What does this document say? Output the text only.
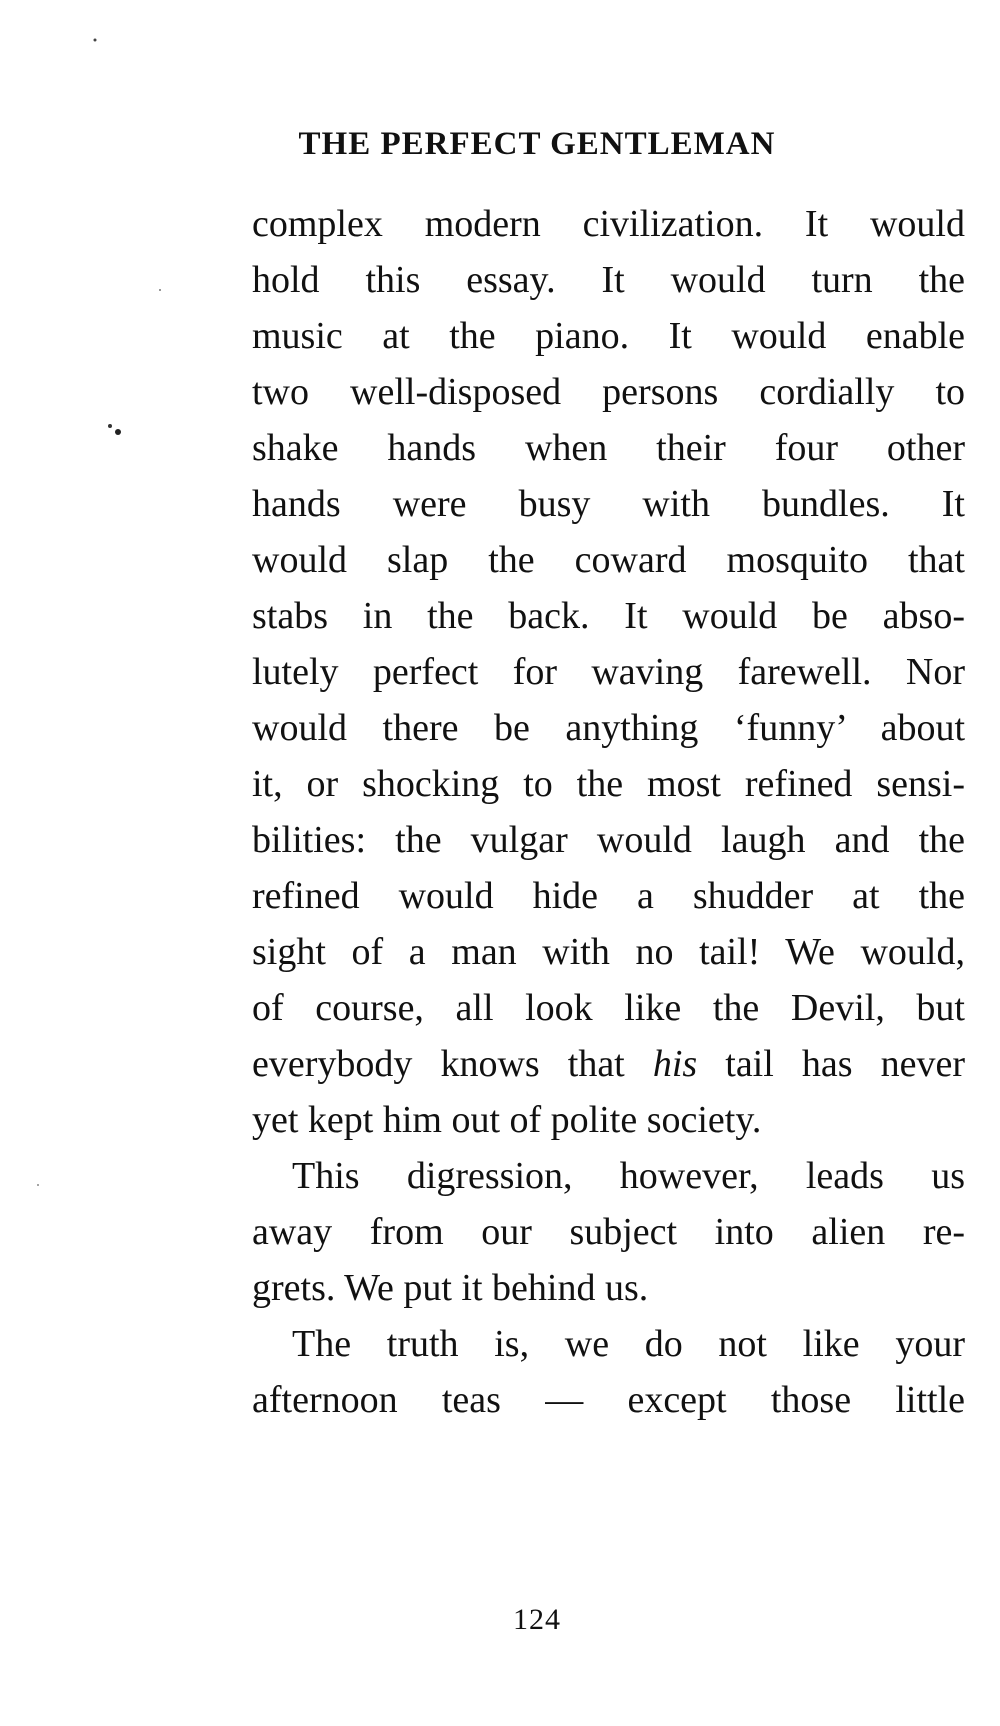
THE PERFECT GENTLEMAN
complex modern civilization. It would
hold this essay. It would turn the
music at the piano. It would enable
two well-disposed persons cordially to
shake hands when their four other
hands were busy with bundles. It
would slap the coward mosquito that
stabs in the back. It would be abso-
lutely perfect for waving farewell. Nor
would there be anything ‘funny’ about
it, or shocking to the most refined sensi-
bilities: the vulgar would laugh and the
refined would hide a shudder at the
sight of a man with no tail! We would,
of course, all look like the Devil, but
everybody knows that his tail has never
yet kept him out of polite society.
This digression, however, leads us
away from our subject into alien re-
grets. We put it behind us.
The truth is, we do not like your
afternoon teas — except those little
124
